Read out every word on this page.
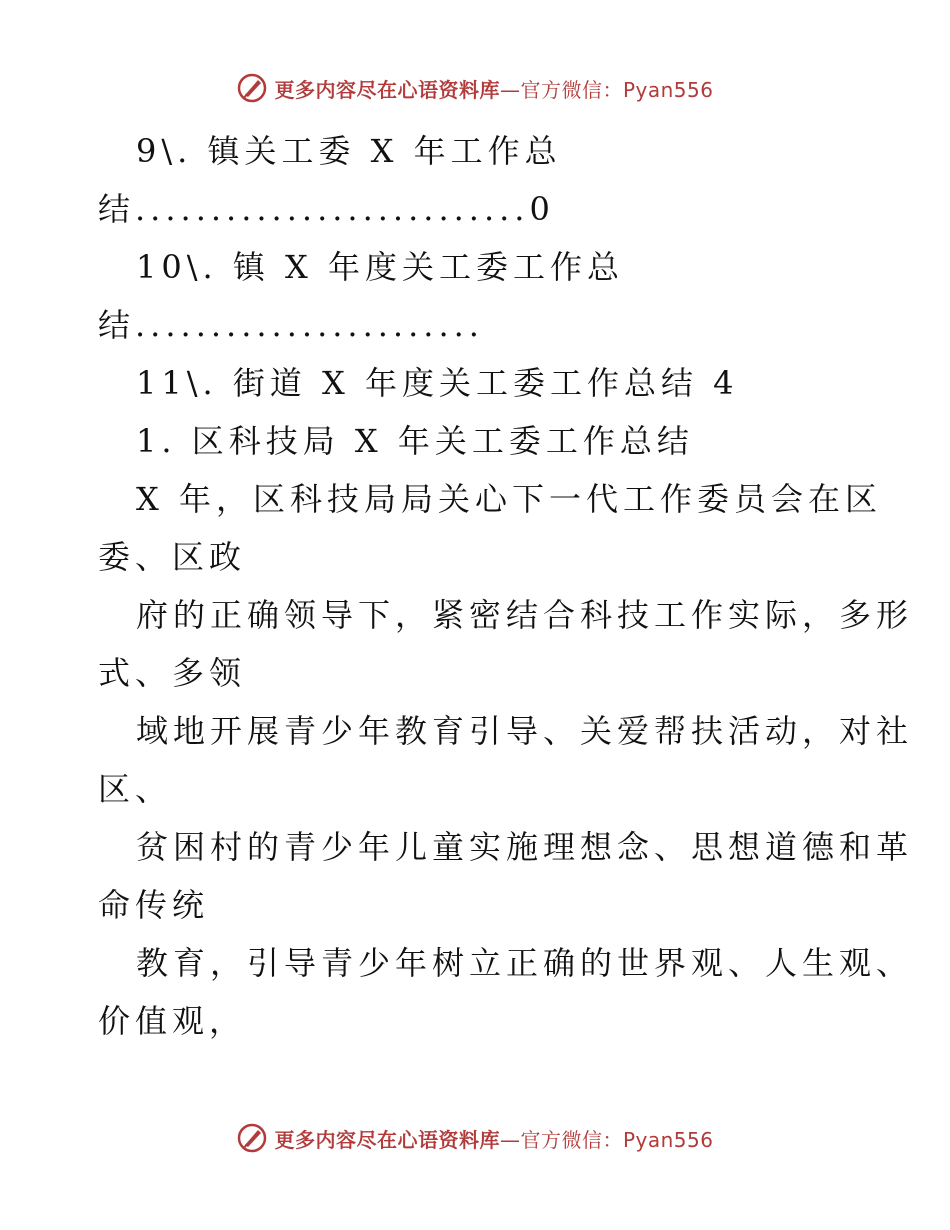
更多内容尽在心语资料库—官方微信：Pyan556
9\. 镇关工委 X 年工作总
结..........................0
10\. 镇 X 年度关工委工作总
结.......................
11\. 街道 X 年度关工委工作总结 4
1. 区科技局 X 年关工委工作总结
X 年，区科技局局关心下一代工作委员会在区
委、区政
府的正确领导下，紧密结合科技工作实际，多形
式、多领
域地开展青少年教育引导、关爱帮扶活动，对社
区、
贫困村的青少年儿童实施理想念、思想道德和革
命传统
教育，引导青少年树立正确的世界观、人生观、
价值观，
更多内容尽在心语资料库—官方微信：Pyan556
